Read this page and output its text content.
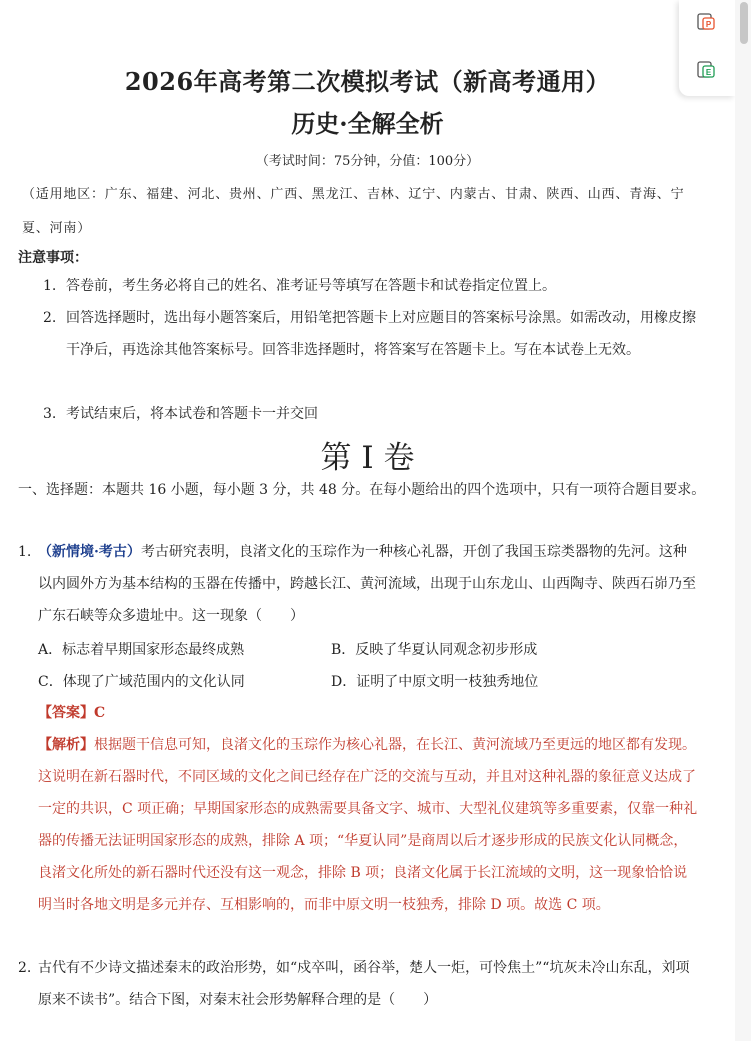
2026年高考第二次模拟考试（新高考通用）
历史·全解全析
（考试时间：75分钟，分值：100分）
（适用地区：广东、福建、河北、贵州、广西、黑龙江、吉林、辽宁、内蒙古、甘肃、陕西、山西、青海、宁夏、河南）
注意事项：
1. 答卷前，考生务必将自己的姓名、准考证号等填写在答题卡和试卷指定位置上。
2. 回答选择题时，选出每小题答案后，用铅笔把答题卡上对应题目的答案标号涂黑。如需改动，用橡皮擦干净后，再选涂其他答案标号。回答非选择题时，将答案写在答题卡上。写在本试卷上无效。
3. 考试结束后，将本试卷和答题卡一并交回
第 I 卷
一、选择题：本题共 16 小题，每小题 3 分，共 48 分。在每小题给出的四个选项中，只有一项符合题目要求。
1. （新情境·考古）考古研究表明，良渚文化的玉琮作为一种核心礼器，开创了我国玉琮类器物的先河。这种以内圆外方为基本结构的玉器在传播中，跨越长江、黄河流域，出现于山东龙山、山西陶寺、陕西石峁乃至广东石峡等众多遗址中。这一现象（　　）
A．标志着早期国家形态最终成熟	B．反映了华夏认同观念初步形成
C．体现了广域范围内的文化认同	D．证明了中原文明一枝独秀地位
【答案】C
【解析】根据题干信息可知，良渚文化的玉琮作为核心礼器，在长江、黄河流域乃至更远的地区都有发现。这说明在新石器时代，不同区域的文化之间已经存在广泛的交流与互动，并且对这种礼器的象征意义达成了一定的共识，C 项正确；早期国家形态的成熟需要具备文字、城市、大型礼仪建筑等多重要素，仅靠一种礼器的传播无法证明国家形态的成熟，排除 A 项；“华夏认同”是商周以后才逐步形成的民族文化认同概念，良渚文化所处的新石器时代还没有这一观念，排除 B 项；良渚文化属于长江流域的文明，这一现象恰恰说明当时各地文明是多元并存、互相影响的，而非中原文明一枝独秀，排除 D 项。故选 C 项。
2. 古代有不少诗文描述秦末的政治形势，如“戍卒叫，函谷举，楚人一炬，可怜焦土”“坑灰未冷山东乱，刘项原来不读书”。结合下图，对秦末社会形势解释合理的是（　　）
P
E
